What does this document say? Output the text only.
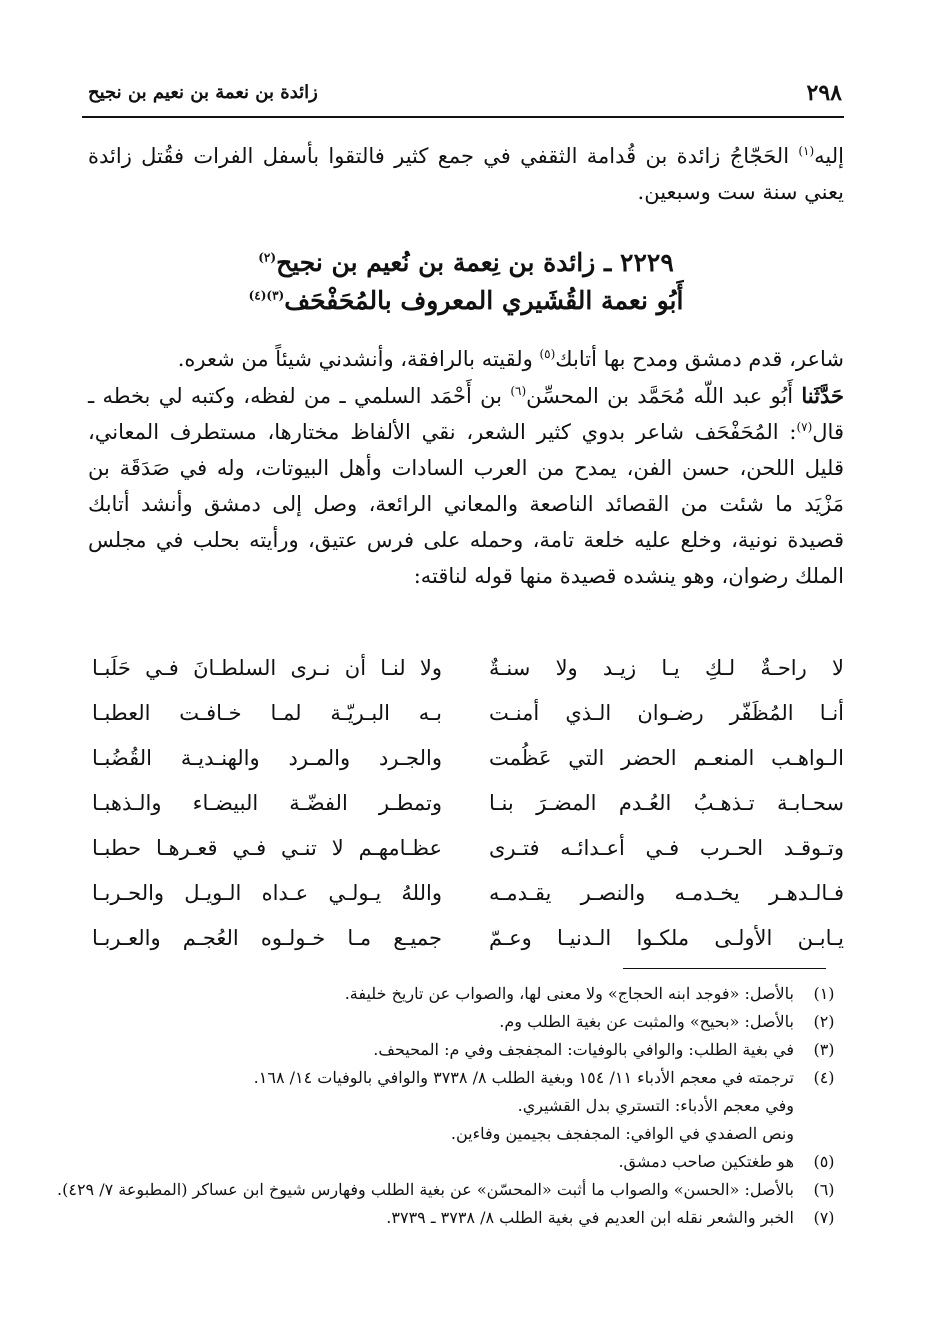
٢٩٨
زائدة بن نعمة بن نعيم بن نجيح
إليه$^{(١)}$ الحَجّاجُ زائدة بن قُدامة الثقفي في جمع كثير فالتقوا بأسفل الفرات فقُتل زائدة يعني سنة ست وسبعين.
٢٢٢٩ ـ زائدة بن نِعمة بن نُعيم بن نجيح$^{(٢)}$
أَبُو نعمة القُشَيري المعروف بالمُحَفْحَف$^{(٣)(٤)}$
شاعر، قدم دمشق ومدح بها أتابك$^{(٥)}$ ولقيته بالرافقة، وأنشدني شيئاً من شعره.
حَدَّثَنا أَبُو عبد اللّه مُحَمَّد بن المحسِّن$^{(٦)}$ بن أَحْمَد السلمي ـ من لفظه، وكتبه لي بخطه ـ قال$^{(٧)}$: المُحَفْحَف شاعر بدوي كثير الشعر، نقي الألفاظ مختارها، مستطرف المعاني، قليل اللحن، حسن الفن، يمدح من العرب السادات وأهل البيوتات، وله في صَدَقَة بن مَزْيَد ما شئت من القصائد الناصعة والمعاني الرائعة، وصل إلى دمشق وأنشد أتابك قصيدة نونية، وخلع عليه خلعة تامة، وحمله على فرس عتيق، ورأيته بحلب في مجلس الملك رضوان، وهو ينشده قصيدة منها قوله لناقته:
لا راحـةٌ لـكِ يـا زيـد ولا سنـةٌ
ولا لنـا أن نـرى السلطـانَ فـي حَلَبـا
أنـا المُظَفّر رضـوان الـذي أمنـت
بـه البـريّـة لمـا خـافـت العطبـا
الـواهـب المنعـم الحضر التي عَظُمت
والجـرد والمـرد والهنـديـة القُضُبـا
سحـابـة تـذهـبُ العُـدم المضـرَ بنـا
وتمطـر الفضّـة البيضـاء والـذهبـا
وتـوقـد الحـرب فـي أعـدائـه فتـرى
عظـامهـم لا تنـي فـي قعـرهـا حطبـا
فـالـدهـر يخـدمـه والنصـر يقـدمـه
واللهُ يـولـي عـداه الـويـل والحـربـا
يـابـن الأولـى ملكـوا الـدنيـا وعـمّ
جميـع مـا خـولـوه العُجـم والعـربـا
(١)
بالأصل: «فوجد ابنه الحجاج» ولا معنى لها، والصواب عن تاريخ خليفة.
(٢)
بالأصل: «بحيح» والمثبت عن بغية الطلب وم.
(٣)
في بغية الطلب: والوافي بالوفيات: المجفجف وفي م: المحيحف.
(٤)
ترجمته في معجم الأدباء ١١/ ١٥٤ وبغية الطلب ٨/ ٣٧٣٨ والوافي بالوفيات ١٤/ ١٦٨.
وفي معجم الأدباء: التستري بدل القشيري.
ونص الصفدي في الوافي: المجفجف بجيمين وفاءين.
(٥)
هو طغتكين صاحب دمشق.
(٦)
بالأصل: «الحسن» والصواب ما أثبت «المحسّن» عن بغية الطلب وفهارس شيوخ ابن عساكر (المطبوعة ٧/ ٤٢٩).
(٧)
الخبر والشعر نقله ابن العديم في بغية الطلب ٨/ ٣٧٣٨ ـ ٣٧٣٩.
